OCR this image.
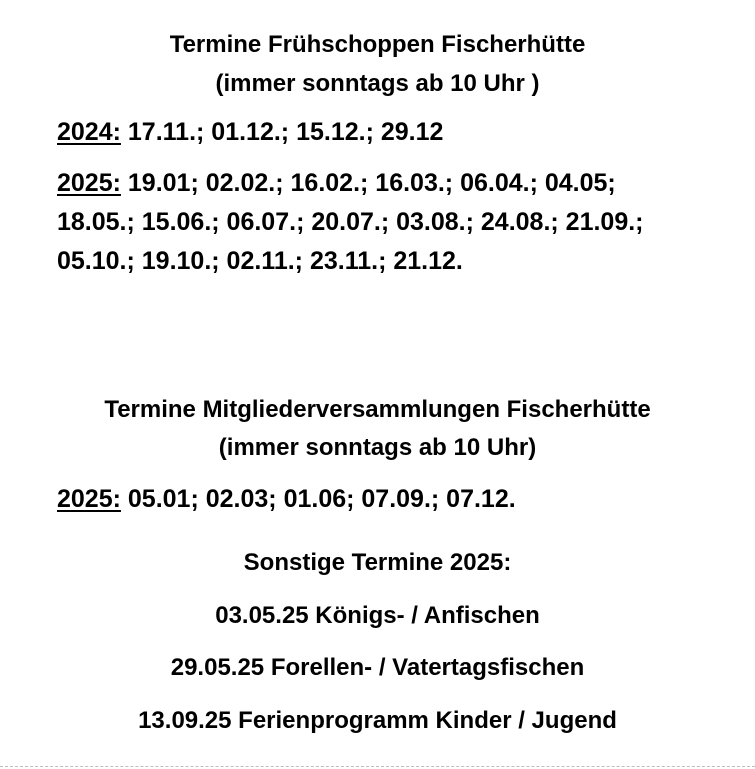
Termine Frühschoppen Fischerhütte
(immer sonntags ab 10 Uhr )
2024: 17.11.; 01.12.; 15.12.; 29.12
2025: 19.01; 02.02.; 16.02.; 16.03.; 06.04.; 04.05;
18.05.; 15.06.; 06.07.; 20.07.; 03.08.; 24.08.; 21.09.;
05.10.; 19.10.; 02.11.; 23.11.; 21.12.
Termine Mitgliederversammlungen Fischerhütte
(immer sonntags ab 10 Uhr)
2025: 05.01; 02.03; 01.06; 07.09.; 07.12.
Sonstige Termine 2025:
03.05.25 Königs- / Anfischen
29.05.25 Forellen- / Vatertagsfischen
13.09.25 Ferienprogramm Kinder / Jugend
